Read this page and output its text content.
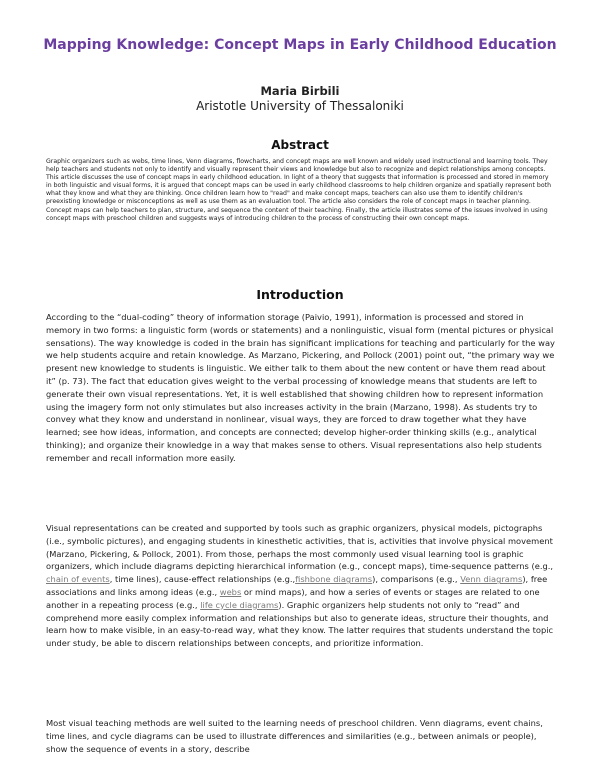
Mapping Knowledge: Concept Maps in Early Childhood Education
Maria Birbili
Aristotle University of Thessaloniki
Abstract
Graphic organizers such as webs, time lines, Venn diagrams, flowcharts, and concept maps are well known and widely used instructional and learning tools. They help teachers and students not only to identify and visually represent their views and knowledge but also to recognize and depict relationships among concepts. This article discusses the use of concept maps in early childhood education. In light of a theory that suggests that information is processed and stored in memory in both linguistic and visual forms, it is argued that concept maps can be used in early childhood classrooms to help children organize and spatially represent both what they know and what they are thinking. Once children learn how to "read" and make concept maps, teachers can also use them to identify children's preexisting knowledge or misconceptions as well as use them as an evaluation tool. The article also considers the role of concept maps in teacher planning. Concept maps can help teachers to plan, structure, and sequence the content of their teaching. Finally, the article illustrates some of the issues involved in using concept maps with preschool children and suggests ways of introducing children to the process of constructing their own concept maps.
Introduction

According to the “dual-coding” theory of information storage (Paivio, 1991), information is processed and stored in memory in two forms: a linguistic form (words or statements) and a nonlinguistic, visual form (mental pictures or physical sensations). The way knowledge is coded in the brain has significant implications for teaching and particularly for the way we help students acquire and retain knowledge. As Marzano, Pickering, and Pollock (2001) point out, “the primary way we present new knowledge to students is linguistic. We either talk to them about the new content or have them read about it” (p. 73). The fact that education gives weight to the verbal processing of knowledge means that students are left to generate their own visual representations. Yet, it is well established that showing children how to represent information using the imagery form not only stimulates but also increases activity in the brain (Marzano, 1998). As students try to convey what they know and understand in nonlinear, visual ways, they are forced to draw together what they have learned; see how ideas, information, and concepts are connected; develop higher-order thinking skills (e.g., analytical thinking); and organize their knowledge in a way that makes sense to others. Visual representations also help students remember and recall information more easily.

Visual representations can be created and supported by tools such as graphic organizers, physical models, pictographs (i.e., symbolic pictures), and engaging students in kinesthetic activities, that is, activities that involve physical movement (Marzano, Pickering, & Pollock, 2001). From those, perhaps the most commonly used visual learning tool is graphic organizers, which include diagrams depicting hierarchical information (e.g., concept maps), time-sequence patterns (e.g., chain of events, time lines), cause-effect relationships (e.g.,fishbone diagrams), comparisons (e.g., Venn diagrams), free associations and links among ideas (e.g., webs or mind maps), and how a series of events or stages are related to one another in a repeating process (e.g., life cycle diagrams). Graphic organizers help students not only to “read” and comprehend more easily complex information and relationships but also to generate ideas, structure their thoughts, and learn how to make visible, in an easy-to-read way, what they know. The latter requires that students understand the topic under study, be able to discern relationships between concepts, and prioritize information.

Most visual teaching methods are well suited to the learning needs of preschool children. Venn diagrams, event chains, time lines, and cycle diagrams can be used to illustrate differences and similarities (e.g., between animals or people), show the sequence of events in a story, describe
